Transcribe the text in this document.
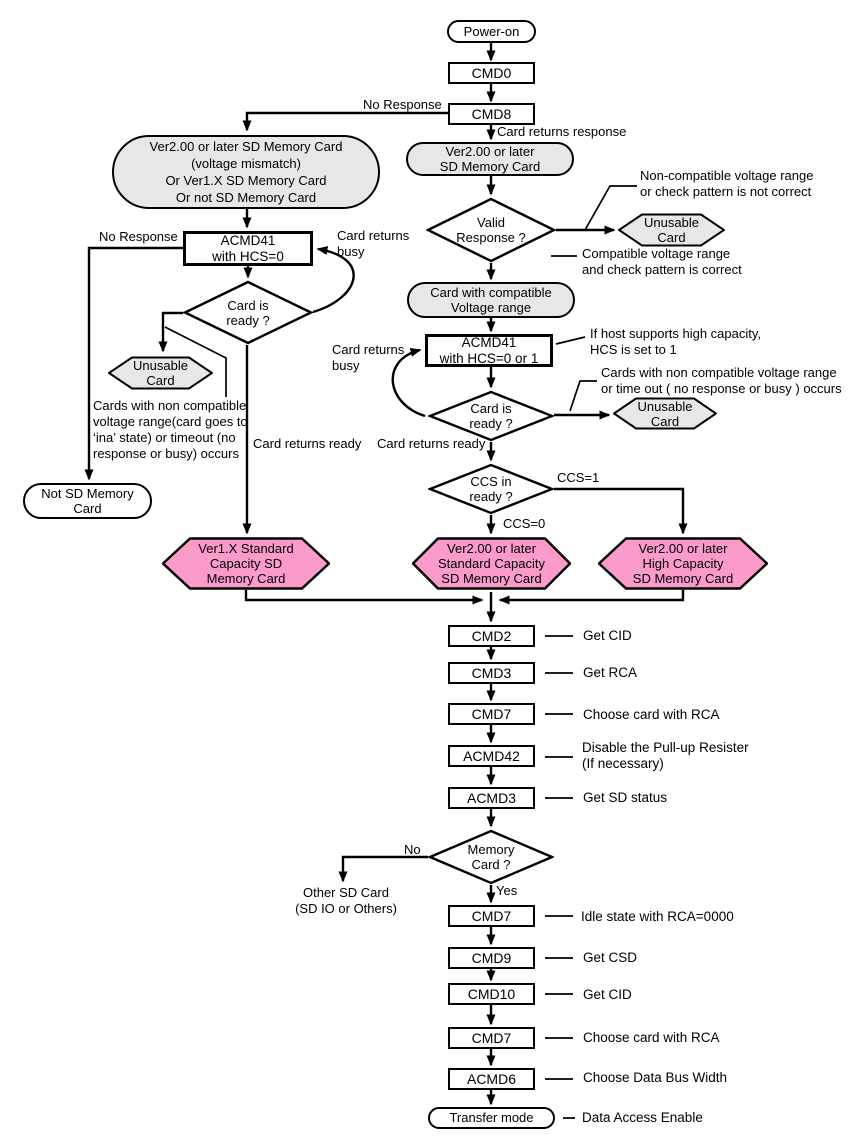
Power-on
CMD0
CMD8
Ver2.00 or later SD Memory Card
(voltage mismatch)
Or Ver1.X SD Memory Card
Or not SD Memory Card
Ver2.00 or later
SD Memory Card
Valid
Response ?
Unusable
Card
Card with compatible
Voltage range
ACMD41
with HCS=0
ACMD41
with HCS=0 or 1
Card is
ready ?
Card is
ready ?
Unusable
Card
Unusable
Card
Not SD Memory
Card
CCS in
ready ?
Ver1.X Standard
Capacity SD
Memory Card
Ver2.00 or later
Standard Capacity
SD Memory Card
Ver2.00 or later
High Capacity
SD Memory Card
CMD2
CMD3
CMD7
ACMD42
ACMD3
Memory
Card ?
CMD7
CMD9
CMD10
CMD7
ACMD6
Transfer mode
No Response
Card returns response
No Response	Card returns
busy
Card returns
busy
Card returns ready Card returns ready
CCS=1
CCS=0
No
Yes
Non-compatible voltage range
or check pattern is not correct
Compatible voltage range
and check pattern is correct
If host supports high capacity,
HCS is set to 1
Cards with non compatible voltage range
or time out ( no response or busy ) occurs
Cards with non compatible
voltage range(card goes to
‘ina’ state) or timeout (no
response or busy) occurs
Other SD Card
(SD IO or Others)
Get CID
Get RCA
Choose card with RCA
Disable the Pull-up Resister
(If necessary)
Get SD status
Idle state with RCA=0000
Get CSD
Get CID
Choose card with RCA
Choose Data Bus Width
Data Access Enable
